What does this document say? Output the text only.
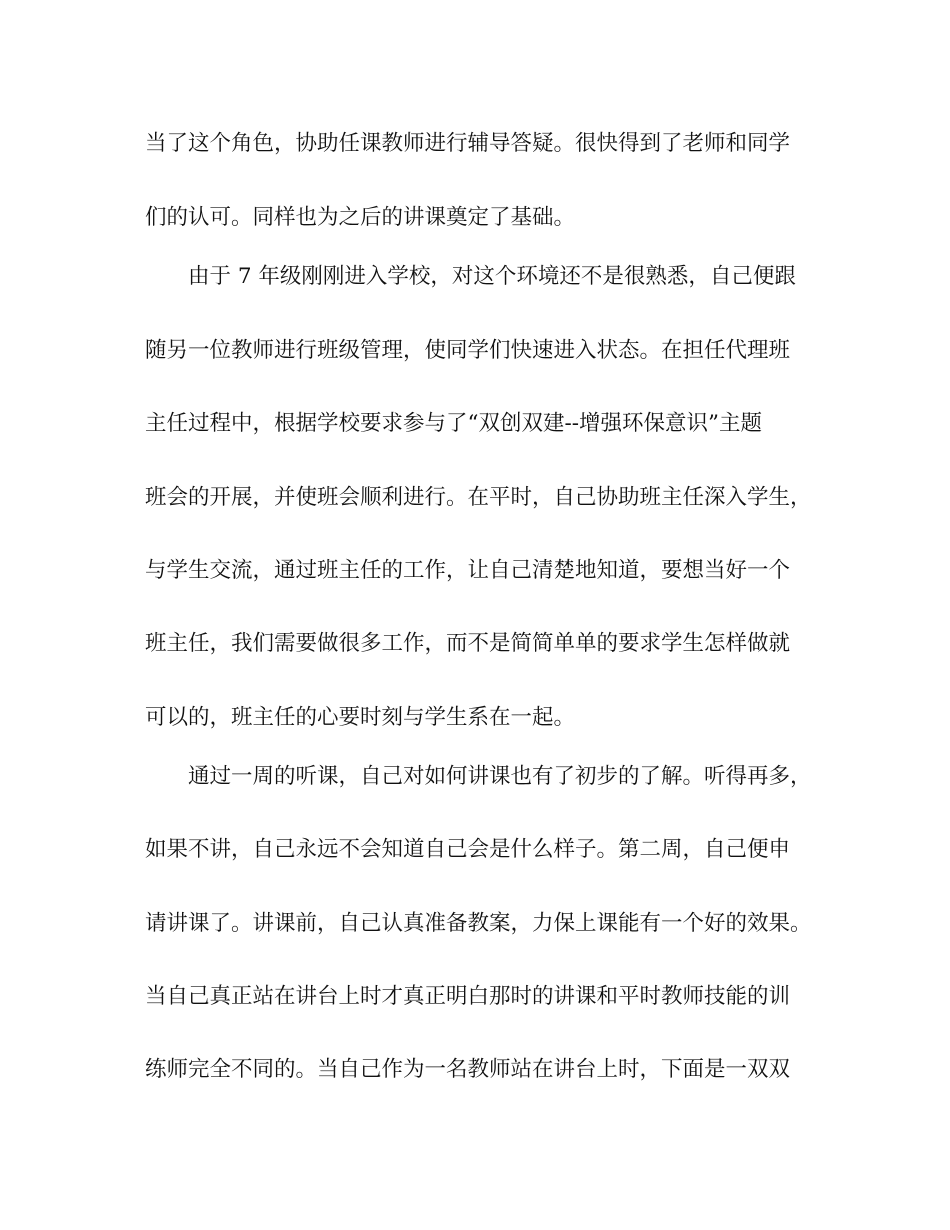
当了这个角色，协助任课教师进行辅导答疑。很快得到了老师和同学

们的认可。同样也为之后的讲课奠定了基础。

由于 7 年级刚刚进入学校，对这个环境还不是很熟悉，自己便跟

随另一位教师进行班级管理，使同学们快速进入状态。在担任代理班

主任过程中，根据学校要求参与了“双创双建--增强环保意识”主题

班会的开展，并使班会顺利进行。在平时，自己协助班主任深入学生，

与学生交流，通过班主任的工作，让自己清楚地知道，要想当好一个

班主任，我们需要做很多工作，而不是简简单单的要求学生怎样做就

可以的，班主任的心要时刻与学生系在一起。

通过一周的听课，自己对如何讲课也有了初步的了解。听得再多，

如果不讲，自己永远不会知道自己会是什么样子。第二周，自己便申

请讲课了。讲课前，自己认真准备教案，力保上课能有一个好的效果。

当自己真正站在讲台上时才真正明白那时的讲课和平时教师技能的训

练师完全不同的。当自己作为一名教师站在讲台上时，下面是一双双
